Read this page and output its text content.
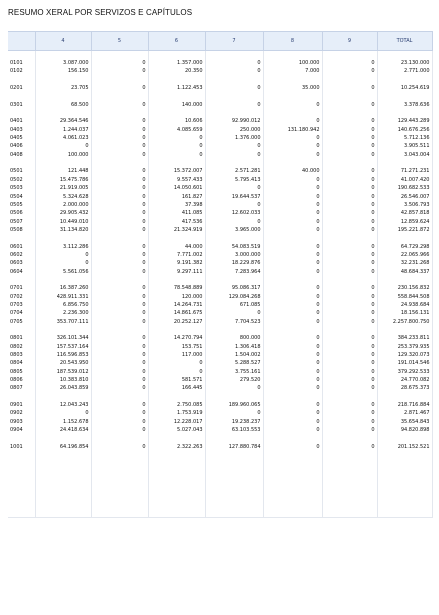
RESUMO XERAL POR SERVIZOS E CAPÍTULOS
	4	5	6	7	8	9	TOTAL

0101	3.087.000	0	1.357.000	0	100.000	0	23.130.000
0102	156.150	0	20.350	0	7.000	0	2.771.000

0201	23.705	0	1.122.453	0	35.000	0	10.254.619

0301	68.500	0	140.000	0	0	0	3.378.636

0401	29.364.546	0	10.606	92.990.012	0	0	129.443.289
0403	1.244.037	0	4.085.659	250.000	131.180.942	0	140.676.256
0405	4.061.023	0	0	1.376.000	0	0	5.712.136
0406	0	0	0	0	0	0	3.905.511
0408	100.000	0	0	0	0	0	3.043.004

0501	121.448	0	15.372.007	2.571.281	40.000	0	71.271.231
0502	15.475.786	0	9.557.433	5.795.413	0	0	41.007.420
0503	21.919.005	0	14.050.601	0	0	0	190.682.533
0504	5.324.628	0	161.827	19.644.537	0	0	26.546.007
0505	2.000.000	0	37.398	0	0	0	3.506.793
0506	29.905.432	0	411.085	12.602.033	0	0	42.857.818
0507	10.449.010	0	417.536	0	0	0	12.859.624
0508	31.134.820	0	21.324.919	3.965.000	0	0	195.221.872

0601	3.112.286	0	44.000	54.083.519	0	0	64.729.298
0602	0	0	7.771.002	3.000.000	0	0	22.065.966
0603	0	0	9.191.382	18.229.876	0	0	32.231.268
0604	5.561.056	0	9.297.111	7.283.964	0	0	48.684.337

0701	16.387.260	0	78.548.889	95.086.317	0	0	230.156.832
0702	428.911.331	0	120.000	129.084.268	0	0	558.844.508
0703	6.856.750	0	14.264.731	671.085	0	0	24.938.684
0704	2.236.300	0	14.861.675	0	0	0	18.156.131
0705	353.707.111	0	20.252.127	7.704.523	0	0	2.257.800.750

0801	326.101.344	0	14.270.794	800.000	0	0	384.233.811
0802	157.537.164	0	153.751	1.306.418	0	0	253.379.935
0803	116.596.853	0	117.000	1.504.002	0	0	129.320.073
0804	20.543.950	0	0	5.288.527	0	0	191.014.546
0805	187.539.012	0	0	3.755.161	0	0	379.292.533
0806	10.383.810	0	581.571	279.520	0	0	24.770.082
0807	26.043.859	0	166.445	0	0	0	28.675.373

0901	12.043.243	0	2.750.085	189.960.065	0	0	218.716.884
0902	0	0	1.753.919	0	0	0	2.871.467
0903	1.152.678	0	12.228.017	19.238.237	0	0	35.654.843
0904	24.418.634	0	5.027.043	63.103.553	0	0	94.820.898

1001	64.196.854	0	2.322.263	127.880.784	0	0	201.152.521
